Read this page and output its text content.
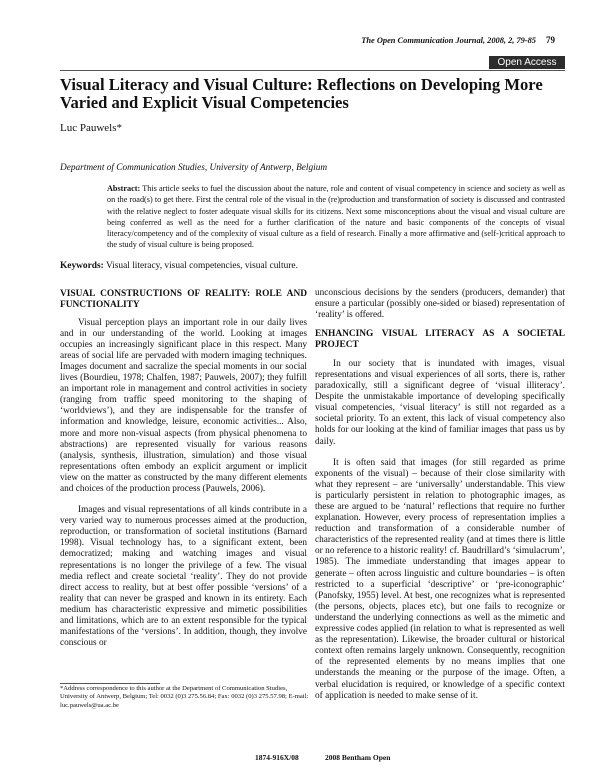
The Open Communication Journal, 2008, 2, 79-85 79
Open Access
Visual Literacy and Visual Culture: Reflections on Developing More Varied and Explicit Visual Competencies

Luc Pauwels*

Department of Communication Studies, University of Antwerp, Belgium

Abstract: This article seeks to fuel the discussion about the nature, role and content of visual competency in science and society as well as on the road(s) to get there. First the central role of the visual in the (re)production and transformation of society is discussed and contrasted with the relative neglect to foster adequate visual skills for its citizens. Next some misconceptions about the visual and visual culture are being conferred as well as the need for a further clarification of the nature and basic components of the concepts of visual literacy/competency and of the complexity of visual culture as a field of research. Finally a more affirmative and (self-)critical approach to the study of visual culture is being proposed.

Keywords: Visual literacy, visual competencies, visual culture.

VISUAL CONSTRUCTIONS OF REALITY: ROLE AND FUNCTIONALITY

Visual perception plays an important role in our daily lives and in our understanding of the world. Looking at images occupies an increasingly significant place in this respect. Many areas of social life are pervaded with modern imaging techniques. Images document and sacralize the special moments in our social lives (Bourdieu, 1978; Chalfen, 1987; Pauwels, 2007); they fulfill an important role in management and control activities in society (ranging from traffic speed monitoring to the shaping of ‘worldviews’), and they are indispensable for the transfer of information and knowledge, leisure, economic activities... Also, more and more non-visual aspects (from physical phenomena to abstractions) are represented visually for various reasons (analysis, synthesis, illustration, simulation) and those visual representations often embody an explicit argument or implicit view on the matter as constructed by the many different elements and choices of the production process (Pauwels, 2006).

Images and visual representations of all kinds contribute in a very varied way to numerous processes aimed at the production, reproduction, or transformation of societal institutions (Barnard 1998). Visual technology has, to a significant extent, been democratized; making and watching images and visual representations is no longer the privilege of a few. The visual media reflect and create societal ‘reality’. They do not provide direct access to reality, but at best offer possible ‘versions’ of a reality that can never be grasped and known in its entirety. Each medium has characteristic expressive and mimetic possibilities and limitations, which are to an extent responsible for the typical manifestations of the ‘versions’. In addition, though, they involve conscious or

unconscious decisions by the senders (producers, demander) that ensure a particular (possibly one-sided or biased) representation of ‘reality’ is offered.

ENHANCING VISUAL LITERACY AS A SOCIETAL PROJECT

In our society that is inundated with images, visual representations and visual experiences of all sorts, there is, rather paradoxically, still a significant degree of ‘visual illiteracy’. Despite the unmistakable importance of developing specifically visual competencies, ‘visual literacy’ is still not regarded as a societal priority. To an extent, this lack of visual competency also holds for our looking at the kind of familiar images that pass us by daily.

It is often said that images (for still regarded as prime exponents of the visual) – because of their close similarity with what they represent – are ‘universally’ understandable. This view is particularly persistent in relation to photographic images, as these are argued to be ‘natural’ reflections that require no further explanation. However, every process of representation implies a reduction and transformation of a considerable number of characteristics of the represented reality (and at times there is little or no reference to a historic reality! cf. Baudrillard’s ‘simulacrum’, 1985). The immediate understanding that images appear to generate – often across linguistic and culture boundaries – is often restricted to a superficial ‘descriptive’ or ‘pre-iconographic’ (Panofsky, 1955) level. At best, one recognizes what is represented (the persons, objects, places etc), but one fails to recognize or understand the underlying connections as well as the mimetic and expressive codes applied (in relation to what is represented as well as the representation). Likewise, the broader cultural or historical context often remains largely unknown. Consequently, recognition of the represented elements by no means implies that one understands the meaning or the purpose of the image. Often, a verbal elucidation is required, or knowledge of a specific context of application is needed to make sense of it.

*Address correspondence to this author at the Department of Communication Studies, University of Antwerp, Belgium; Tel: 0032 (0)3 275.56.84; Fax: 0032 (0)3 275.57.98; E-mail: luc.pauwels@ua.ac.be

1874-916X/08	2008 Bentham Open
